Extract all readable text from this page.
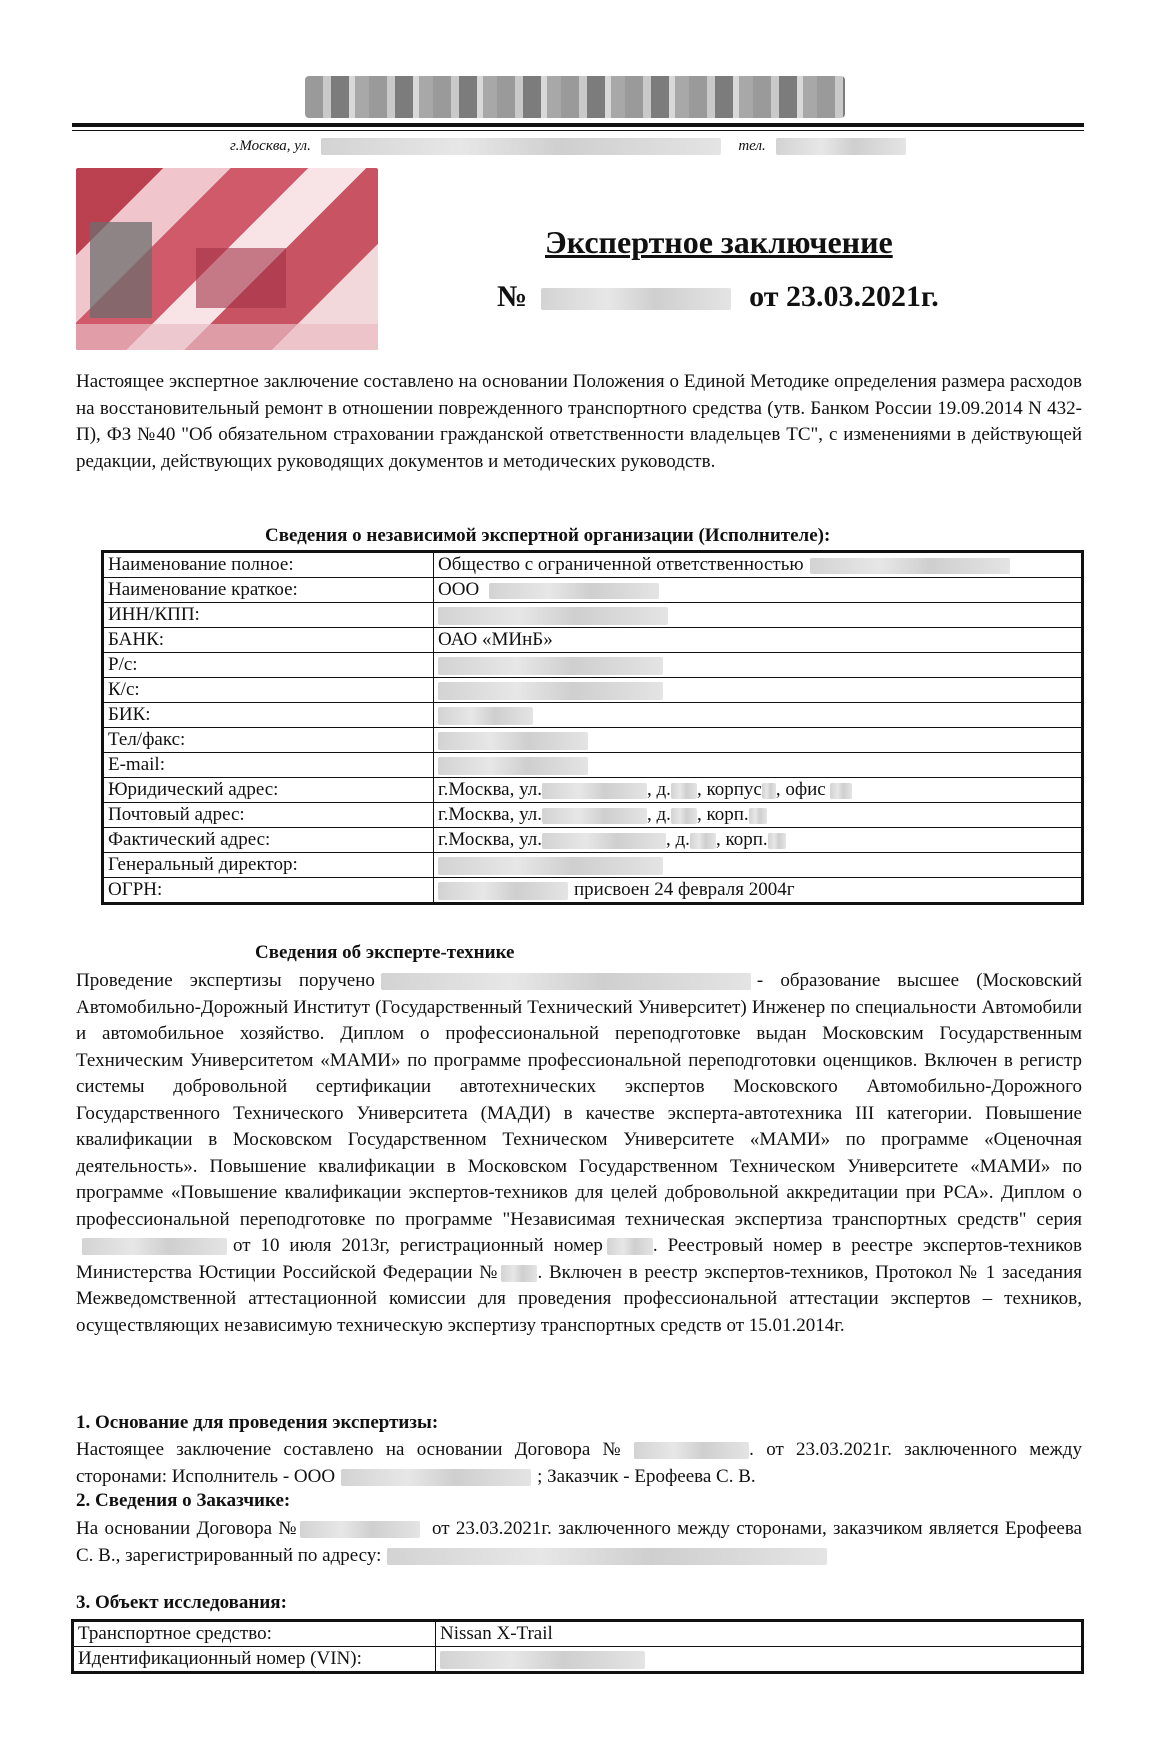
г.Москва, ул.	тел.
Экспертное заключение
№	от 23.03.2021г.
Настоящее экспертное заключение составлено на основании Положения о Единой Методике определения размера расходов на восстановительный ремонт в отношении поврежденного транспортного средства (утв. Банком России 19.09.2014 N 432-П), ФЗ №40 "Об обязательном страховании гражданской ответственности владельцев ТС", с изменениями в действующей редакции, действующих руководящих документов и методических руководств.
Сведения о независимой экспертной организации (Исполнителе):
Наименование полное:	Общество с ограниченной ответственностью
Наименование краткое:	ООО
ИНН/КПП:	
БАНК:	ОАО «МИнБ»
Р/с:	
К/с:	
БИК:	
Тел/факс:	
E-mail:	
Юридический адрес:	г.Москва, ул. , д. , корпус , офис
Почтовый адрес:	г.Москва, ул. , д. , корп.
Фактический адрес:	г.Москва, ул. , д. , корп.
Генеральный директор:	
ОГРН:	присвоен 24 февраля 2004г
Сведения об эксперте-технике
Проведение экспертизы поручено	- образование высшее (Московский Автомобильно-Дорожный Институт (Государственный Технический Университет) Инженер по специальности Автомобили и автомобильное хозяйство. Диплом о профессиональной переподготовке выдан Московским Государственным Техническим Университетом «МАМИ» по программе профессиональной переподготовки оценщиков. Включен в регистр системы добровольной сертификации автотехнических экспертов Московского Автомобильно-Дорожного Государственного Технического Университета (МАДИ) в качестве эксперта-автотехника III категории. Повышение квалификации в Московском Государственном Техническом Университете «МАМИ» по программе «Оценочная деятельность». Повышение квалификации в Московском Государственном Техническом Университете «МАМИ» по программе «Повышение квалификации экспертов-техников для целей добровольной аккредитации при РСА». Диплом о профессиональной переподготовке по программе "Независимая техническая экспертиза транспортных средств" серияот 10 июля 2013г, регистрационный номер	. Реестровый номер в реестре экспертов-техников Министерства Юстиции Российской Федерации № . Включен в реестр экспертов-техников, Протокол № 1 заседания Межведомственной аттестационной комиссии для проведения профессиональной аттестации экспертов – техников, осуществляющих независимую техническую экспертизу транспортных средств от 15.01.2014г.
1. Основание для проведения экспертизы:
Настоящее заключение составлено на основании Договора №	. от 23.03.2021г. заключенного между сторонами: Исполнитель - ООО	; Заказчик - Ерофеева С. В.
2. Сведения о Заказчике:
На основании Договора №	от 23.03.2021г. заключенного между сторонами, заказчиком является Ерофеева С. В., зарегистрированный по адресу:
3. Объект исследования:
Транспортное средство:	Nissan X-Trail
Идентификационный номер (VIN):	
